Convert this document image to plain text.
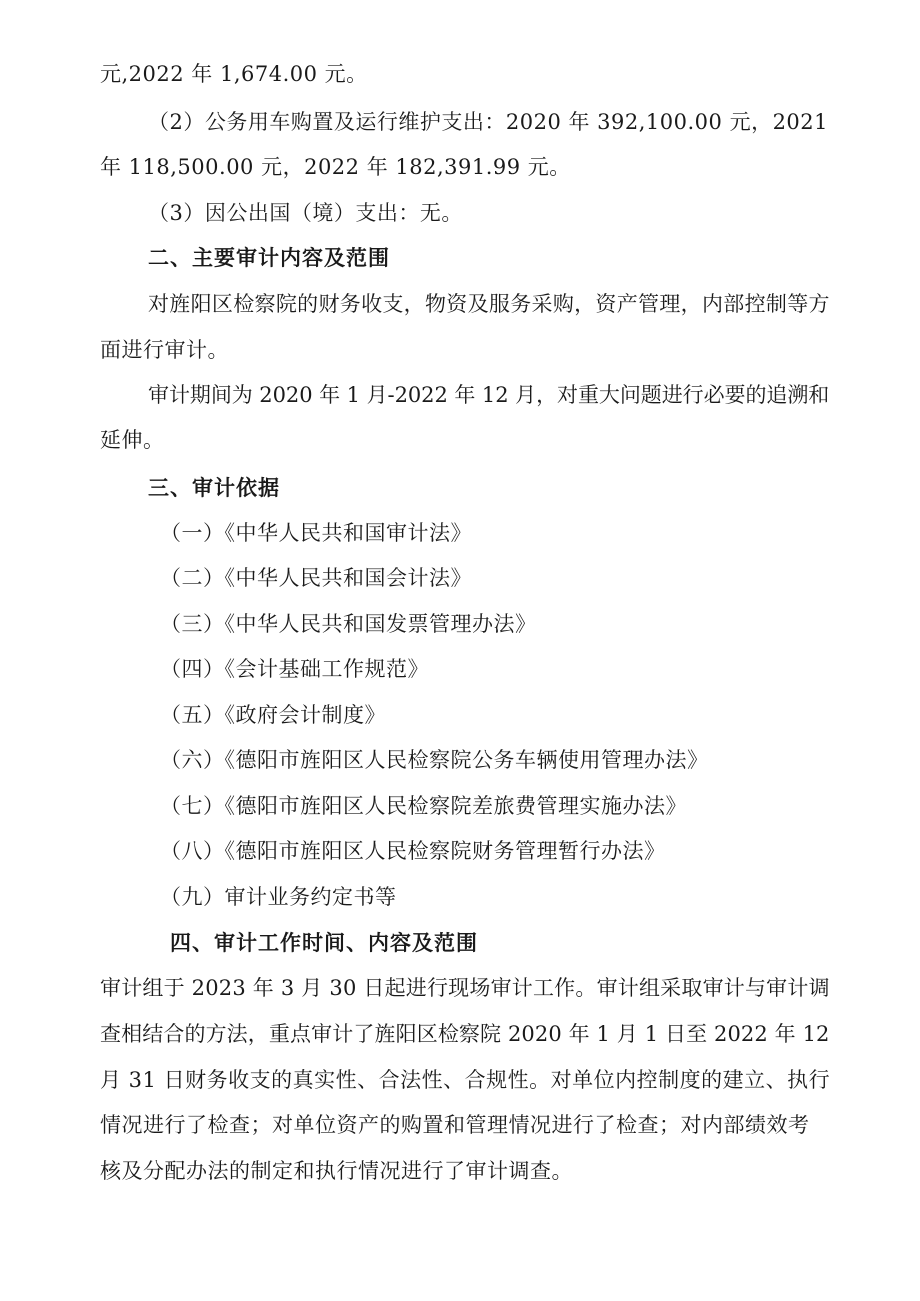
元,2022 年 1,674.00 元。
（2）公务用车购置及运行维护支出：2020 年 392,100.00 元，2021
年 118,500.00 元，2022 年 182,391.99 元。
（3）因公出国（境）支出：无。
二、主要审计内容及范围
对旌阳区检察院的财务收支，物资及服务采购，资产管理，内部控制等方
面进行审计。
审计期间为 2020 年 1 月-2022 年 12 月，对重大问题进行必要的追溯和
延伸。
三、审计依据
（一）《中华人民共和国审计法》
（二）《中华人民共和国会计法》
（三）《中华人民共和国发票管理办法》
（四）《会计基础工作规范》
（五）《政府会计制度》
（六）《德阳市旌阳区人民检察院公务车辆使用管理办法》
（七）《德阳市旌阳区人民检察院差旅费管理实施办法》
（八）《德阳市旌阳区人民检察院财务管理暂行办法》
（九）审计业务约定书等
四、审计工作时间、内容及范围
审计组于 2023 年 3 月 30 日起进行现场审计工作。审计组采取审计与审计调
查相结合的方法，重点审计了旌阳区检察院 2020 年 1 月 1 日至 2022 年 12
月 31 日财务收支的真实性、合法性、合规性。对单位内控制度的建立、执行
情况进行了检查；对单位资产的购置和管理情况进行了检查；对内部绩效考
核及分配办法的制定和执行情况进行了审计调查。
